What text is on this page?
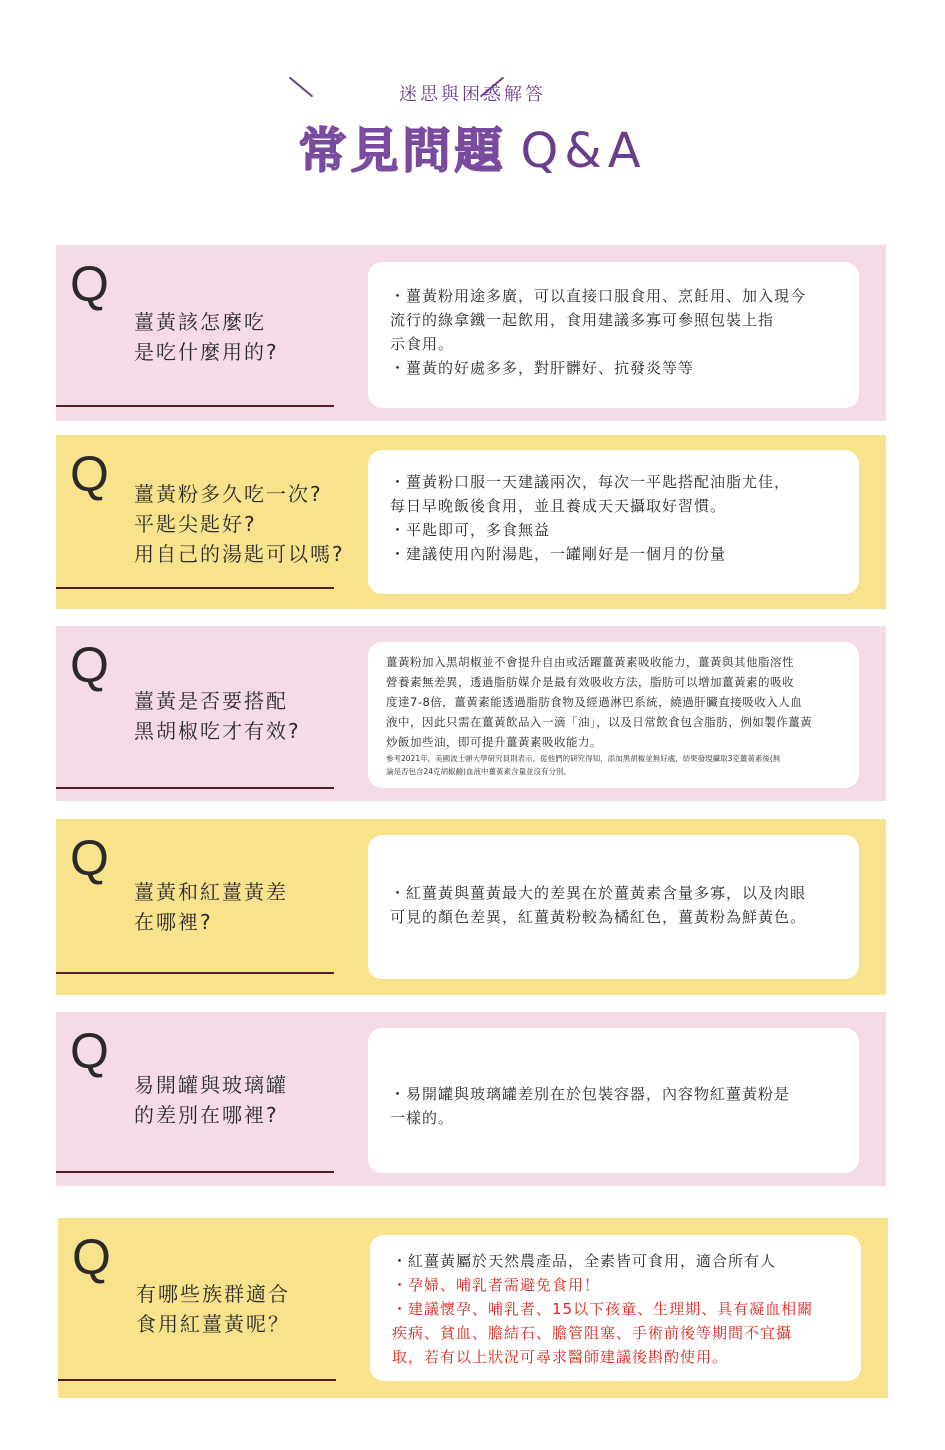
迷思與困惑解答
常見問題 Q&A
Q
薑黃該怎麼吃
是吃什麼用的?
・薑黃粉用途多廣，可以直接口服食用、烹飪用、加入現今
流行的綠拿鐵一起飲用，食用建議多寡可參照包裝上指
示食用。
・薑黃的好處多多，對肝髒好、抗發炎等等
Q 薑黃粉多久吃一次?
平匙尖匙好?
用自己的湯匙可以嗎?
・薑黃粉口服一天建議兩次，每次一平匙搭配油脂尤佳，
每日早晚飯後食用，並且養成天天攝取好習慣。
・平匙即可，多食無益
・建議使用內附湯匙，一罐剛好是一個月的份量
Q
薑黃是否要搭配
黑胡椒吃才有效?
薑黃粉加入黑胡椒並不會提升自由或活躍薑黃素吸收能力，薑黃與其他脂溶性
營養素無差異，透過脂肪媒介是最有效吸收方法，脂肪可以增加薑黃素的吸收
度達7-8倍，薑黃素能透過脂肪食物及經過淋巴系統，繞過肝臟直接吸收入人血
液中，因此只需在薑黃飲品入一滴「油」，以及日常飲食包含脂肪，例如製作薑黃
炒飯加些油，即可提升薑黃素吸收能力。
參考2021年，美國波士頓大學研究員則表示，從他們的研究得知，添加黑胡椒並無好處，結果發現攝取3克薑黃素後(無
論是否包含24克胡椒鹼)血液中薑黃素含量並沒有分別。
Q
薑黃和紅薑黃差
在哪裡?
・紅薑黃與薑黃最大的差異在於薑黃素含量多寡，以及肉眼
可見的顏色差異，紅薑黃粉較為橘紅色，薑黃粉為鮮黃色。
Q
易開罐與玻璃罐
的差別在哪裡?
・易開罐與玻璃罐差別在於包裝容器，內容物紅薑黃粉是
一樣的。
Q
有哪些族群適合
食用紅薑黃呢？
・紅薑黃屬於天然農產品，全素皆可食用，適合所有人
・孕婦、哺乳者需避免食用！
・建議懷孕、哺乳者、15以下孩童、生理期、具有凝血相關
疾病、貧血、膽結石、膽管阻塞、手術前後等期間不宜攝
取，若有以上狀況可尋求醫師建議後斟酌使用。
